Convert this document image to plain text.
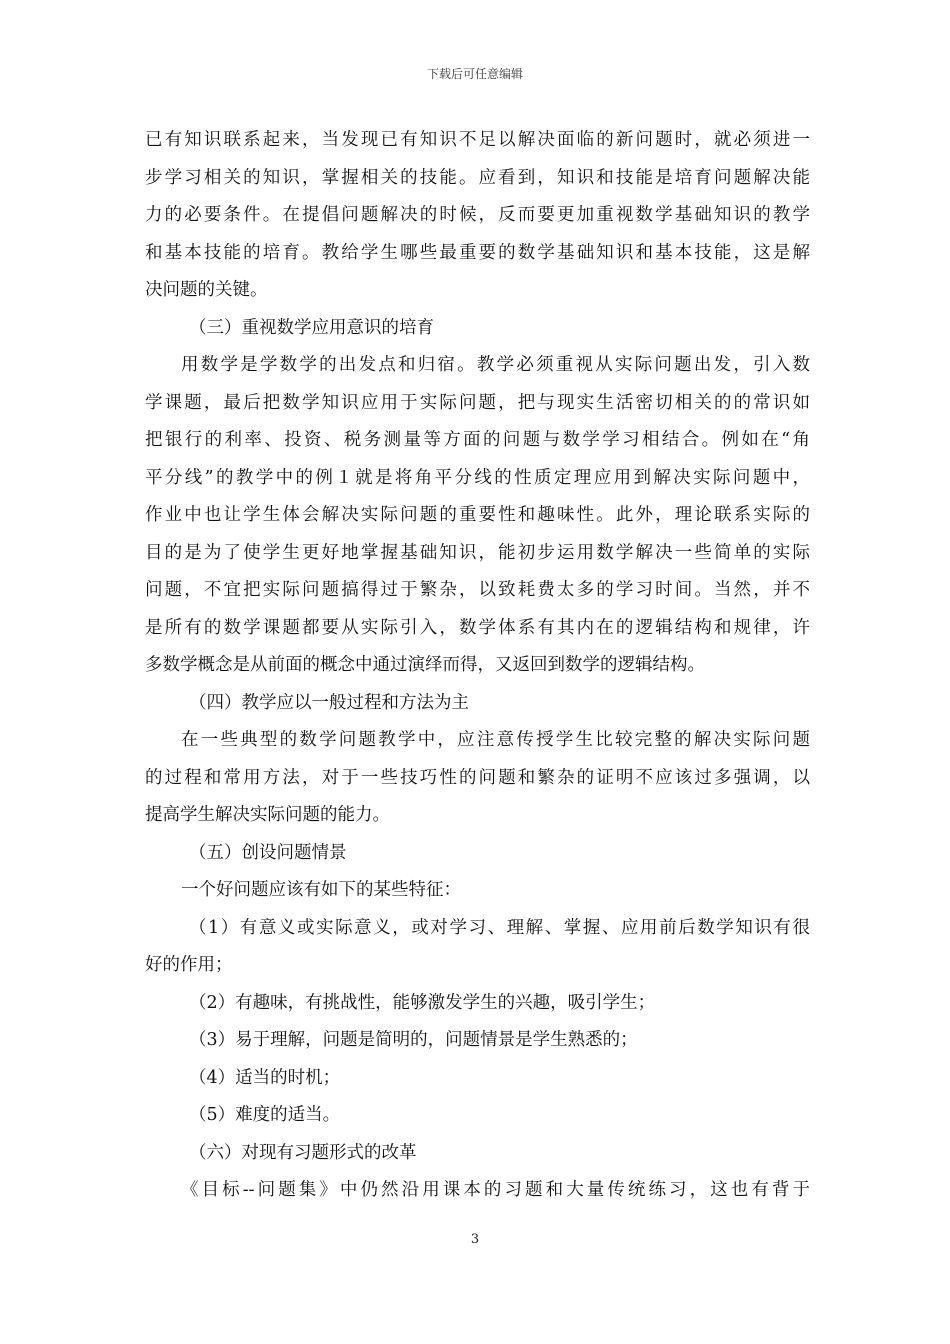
下载后可任意编辑
已有知识联系起来，当发现已有知识不足以解决面临的新问题时，就必须进一
步学习相关的知识，掌握相关的技能。应看到，知识和技能是培育问题解决能
力的必要条件。在提倡问题解决的时候，反而要更加重视数学基础知识的教学
和基本技能的培育。教给学生哪些最重要的数学基础知识和基本技能，这是解
决问题的关键。
（三）重视数学应用意识的培育
用数学是学数学的出发点和归宿。教学必须重视从实际问题出发，引入数
学课题，最后把数学知识应用于实际问题，把与现实生活密切相关的的常识如
把银行的利率、投资、税务测量等方面的问题与数学学习相结合。例如在“角
平分线”的教学中的例１就是将角平分线的性质定理应用到解决实际问题中，
作业中也让学生体会解决实际问题的重要性和趣味性。此外，理论联系实际的
目的是为了使学生更好地掌握基础知识，能初步运用数学解决一些简单的实际
问题，不宜把实际问题搞得过于繁杂，以致耗费太多的学习时间。当然，并不
是所有的数学课题都要从实际引入，数学体系有其内在的逻辑结构和规律，许
多数学概念是从前面的概念中通过演绎而得，又返回到数学的逻辑结构。
（四）教学应以一般过程和方法为主
在一些典型的数学问题教学中，应注意传授学生比较完整的解决实际问题
的过程和常用方法，对于一些技巧性的问题和繁杂的证明不应该过多强调，以
提高学生解决实际问题的能力。
（五）创设问题情景
一个好问题应该有如下的某些特征：
（1）有意义或实际意义，或对学习、理解、掌握、应用前后数学知识有很
好的作用；
（2）有趣味，有挑战性，能够激发学生的兴趣，吸引学生；
（3）易于理解，问题是简明的，问题情景是学生熟悉的；
（4）适当的时机；
（5）难度的适当。
（六）对现有习题形式的改革
《目标--问题集》中仍然沿用课本的习题和大量传统练习，这也有背于
3
